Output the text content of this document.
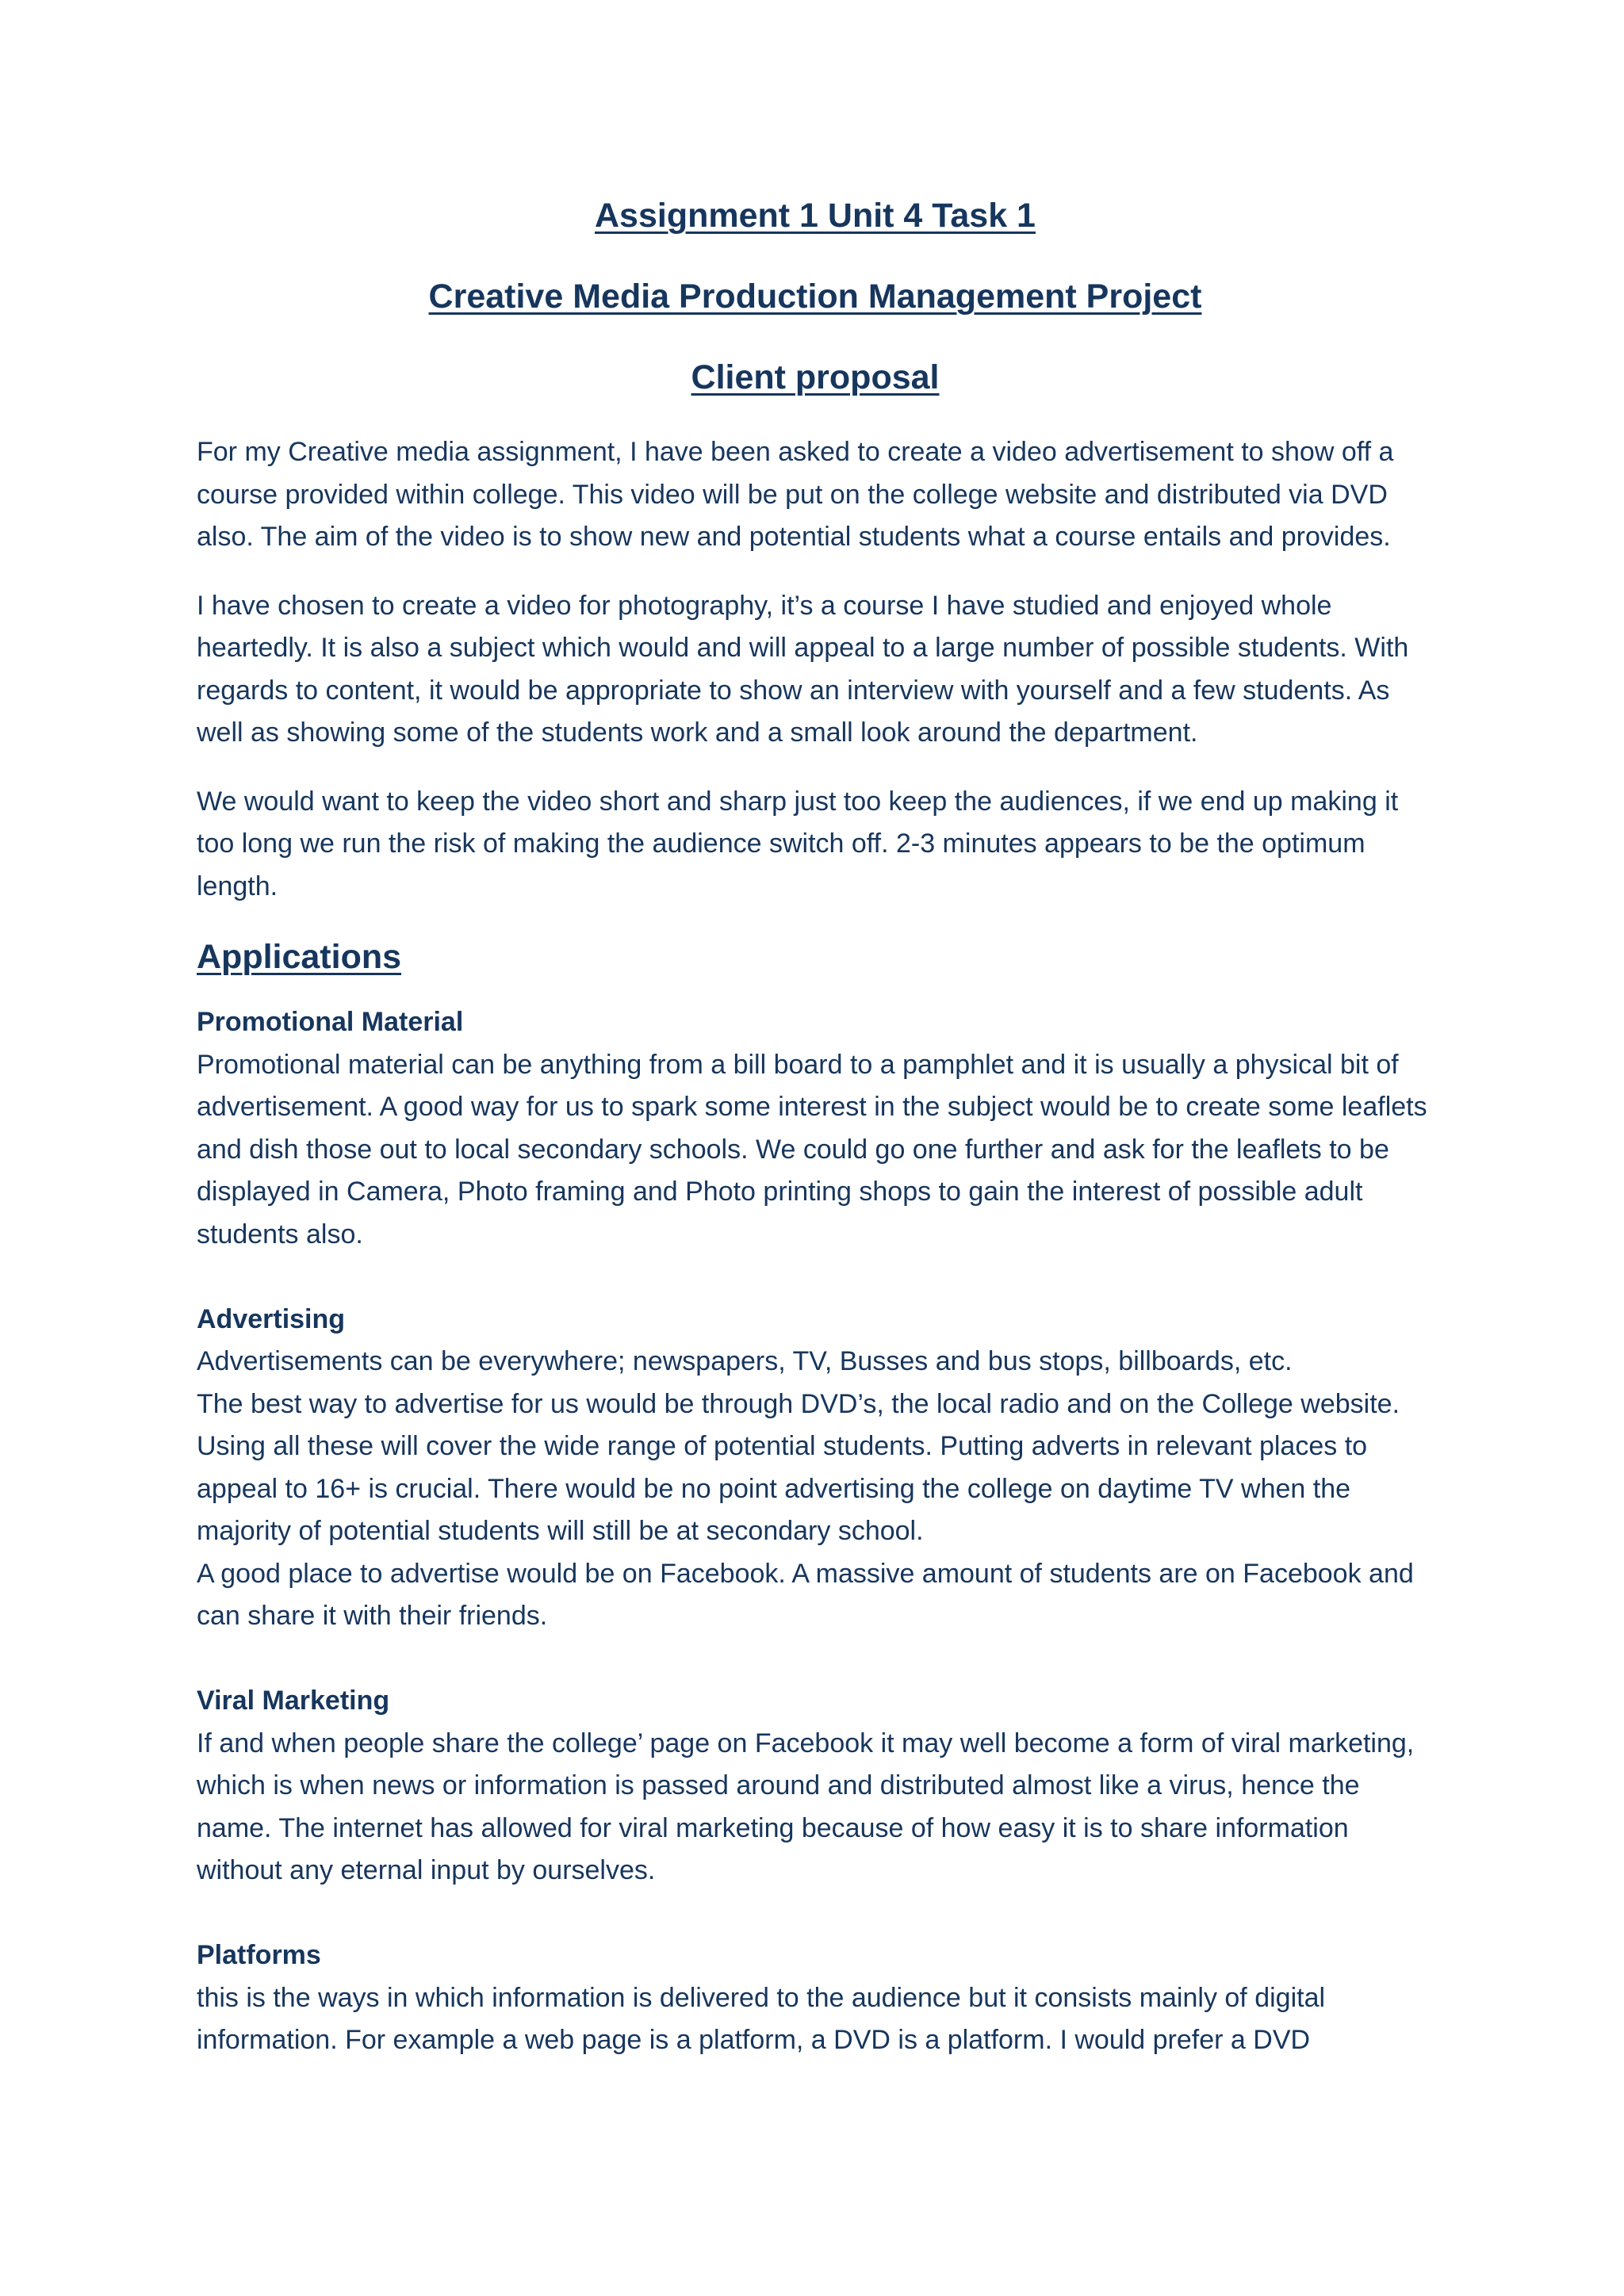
Assignment 1 Unit 4 Task 1
Creative Media Production Management Project
Client proposal

For my Creative media assignment, I have been asked to create a video advertisement to show off a course provided within college. This video will be put on the college website and distributed via DVD also. The aim of the video is to show new and potential students what a course entails and provides.

I have chosen to create a video for photography, it’s a course I have studied and enjoyed whole heartedly. It is also a subject which would and will appeal to a large number of possible students. With regards to content, it would be appropriate to show an interview with yourself and a few students. As well as showing some of the students work and a small look around the department.

We would want to keep the video short and sharp just too keep the audiences, if we end up making it too long we run the risk of making the audience switch off. 2-3 minutes appears to be the optimum length.

Applications
Promotional Material
Promotional material can be anything from a bill board to a pamphlet and it is usually a physical bit of advertisement. A good way for us to spark some interest in the subject would be to create some leaflets and dish those out to local secondary schools. We could go one further and ask for the leaflets to be displayed in Camera, Photo framing and Photo printing shops to gain the interest of possible adult students also.
Advertising
Advertisements can be everywhere; newspapers, TV, Busses and bus stops, billboards, etc.
The best way to advertise for us would be through DVD’s, the local radio and on the College website. Using all these will cover the wide range of potential students. Putting adverts in relevant places to appeal to 16+ is crucial. There would be no point advertising the college on daytime TV when the majority of potential students will still be at secondary school.
A good place to advertise would be on Facebook. A massive amount of students are on Facebook and can share it with their friends.
Viral Marketing
If and when people share the college’ page on Facebook it may well become a form of viral marketing, which is when news or information is passed around and distributed almost like a virus, hence the name. The internet has allowed for viral marketing because of how easy it is to share information without any eternal input by ourselves.
Platforms
this is the ways in which information is delivered to the audience but it consists mainly of digital information. For example a web page is a platform, a DVD is a platform. I would prefer a DVD
